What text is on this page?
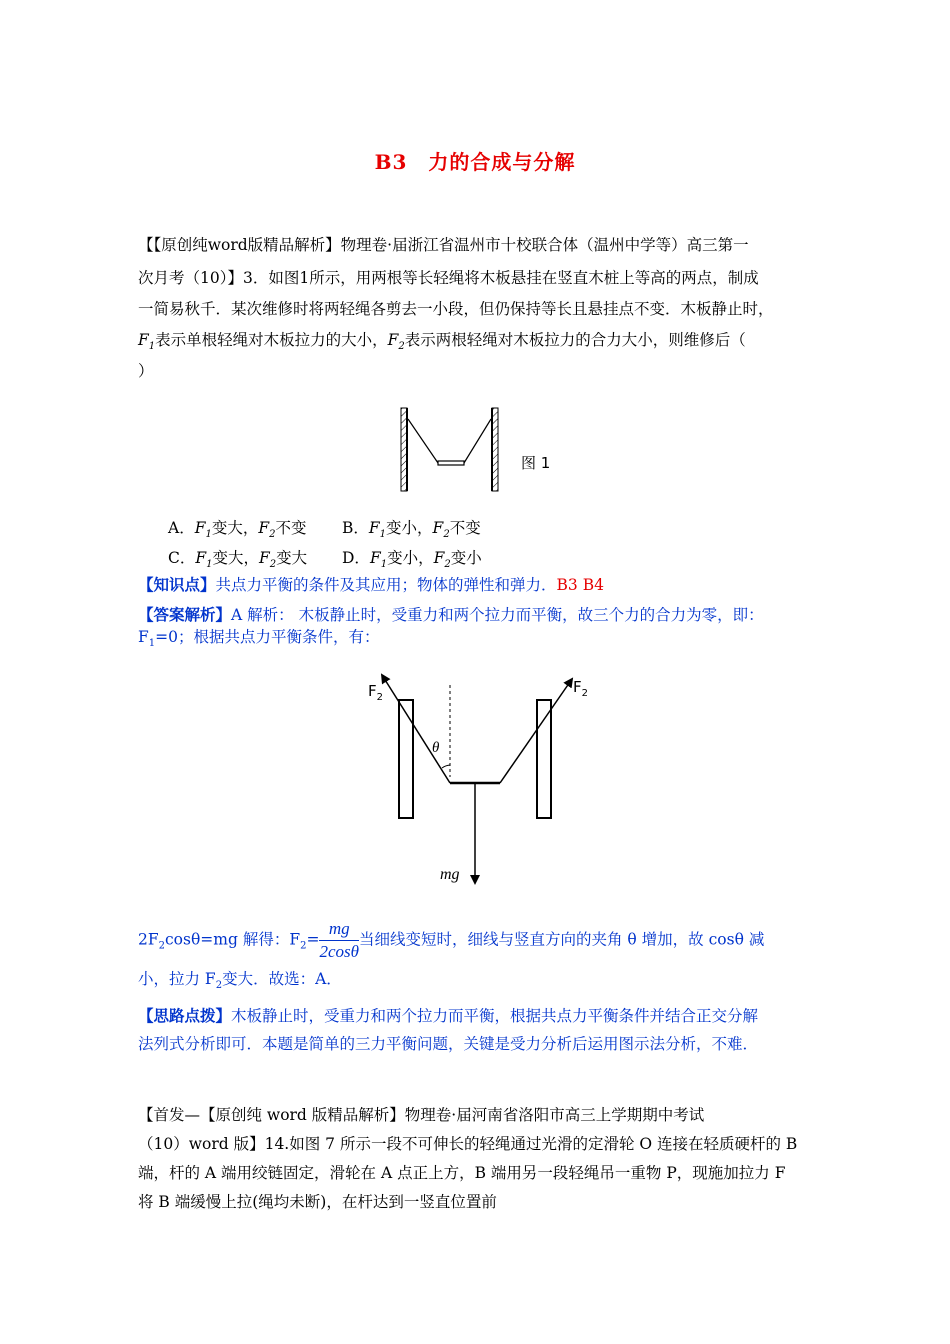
B3　力的合成与分解
【【原创纯word版精品解析】物理卷·届浙江省温州市十校联合体（温州中学等）高三第一
次月考（10）】3．如图1所示，用两根等长轻绳将木板悬挂在竖直木桩上等高的两点，制成
一简易秋千．某次维修时将两轻绳各剪去一小段，但仍保持等长且悬挂点不变．木板静止时，
$F_1$表示单根轻绳对木板拉力的大小，$F_2$表示两根轻绳对木板拉力的合力大小，则维修后（
）
图 1
A．$F_1$变大，$F_2$不变 B．$F_1$变小，$F_2$不变
C．$F_1$变大，$F_2$变大 D．$F_1$变小，$F_2$变小
【知识点】共点力平衡的条件及其应用；物体的弹性和弹力．B3 B4
【答案解析】A 解析： 木板静止时，受重力和两个拉力而平衡，故三个力的合力为零，即：
$F_1=0$；根据共点力平衡条件，有：
$F_2$
$F_2$
θ
mg
$2F_2\cos\theta=mg$ 解得：$F_2= \frac{mg}{2\cos\theta}$ 当细线变短时，细线与竖直方向的夹角 θ 增加，故 cosθ 减
小，拉力 $F_2$变大．故选：A．
【思路点拨】木板静止时，受重力和两个拉力而平衡，根据共点力平衡条件并结合正交分解
法列式分析即可．本题是简单的三力平衡问题，关键是受力分析后运用图示法分析，不难．
【首发—【原创纯 word 版精品解析】物理卷·届河南省洛阳市高三上学期期中考试
（10）word 版】14.如图 7 所示一段不可伸长的轻绳通过光滑的定滑轮 O 连接在轻质硬杆的 B
端，杆的 A 端用绞链固定，滑轮在 A 点正上方，B 端用另一段轻绳吊一重物 P，现施加拉力 F
将 B 端缓慢上拉(绳均未断)，在杆达到一竖直位置前
